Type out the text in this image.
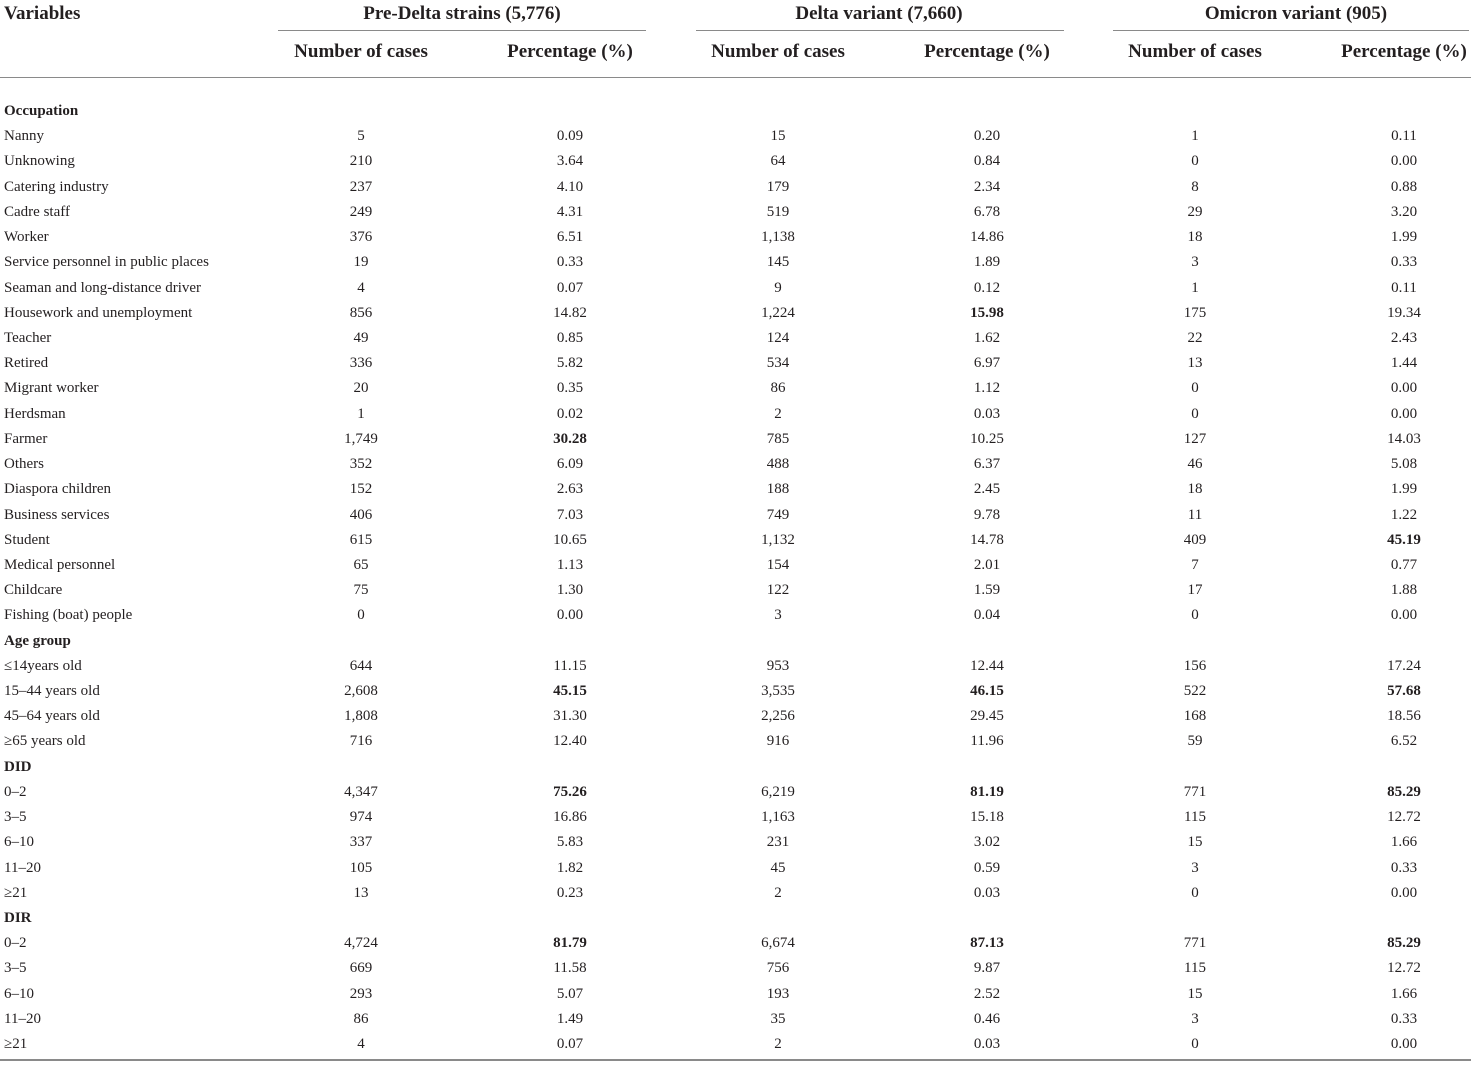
Variables	Pre-Delta strains (5,776)	Delta variant (7,660)	Omicron variant (905)
Number of cases	Percentage (%)	Number of cases	Percentage (%)	Number of cases	Percentage (%)
Occupation
Nanny	5	0.09	15	0.20	1	0.11
Unknowing	210	3.64	64	0.84	0	0.00
Catering industry	237	4.10	179	2.34	8	0.88
Cadre staff	249	4.31	519	6.78	29	3.20
Worker	376	6.51	1,138	14.86	18	1.99
Service personnel in public places	19	0.33	145	1.89	3	0.33
Seaman and long-distance driver	4	0.07	9	0.12	1	0.11
Housework and unemployment	856	14.82	1,224	15.98	175	19.34
Teacher	49	0.85	124	1.62	22	2.43
Retired	336	5.82	534	6.97	13	1.44
Migrant worker	20	0.35	86	1.12	0	0.00
Herdsman	1	0.02	2	0.03	0	0.00
Farmer	1,749	30.28	785	10.25	127	14.03
Others	352	6.09	488	6.37	46	5.08
Diaspora children	152	2.63	188	2.45	18	1.99
Business services	406	7.03	749	9.78	11	1.22
Student	615	10.65	1,132	14.78	409	45.19
Medical personnel	65	1.13	154	2.01	7	0.77
Childcare	75	1.30	122	1.59	17	1.88
Fishing (boat) people	0	0.00	3	0.04	0	0.00
Age group
≤14years old	644	11.15	953	12.44	156	17.24
15–44 years old	2,608	45.15	3,535	46.15	522	57.68
45–64 years old	1,808	31.30	2,256	29.45	168	18.56
≥65 years old	716	12.40	916	11.96	59	6.52
DID
0–2	4,347	75.26	6,219	81.19	771	85.29
3–5	974	16.86	1,163	15.18	115	12.72
6–10	337	5.83	231	3.02	15	1.66
11–20	105	1.82	45	0.59	3	0.33
≥21	13	0.23	2	0.03	0	0.00
DIR
0–2	4,724	81.79	6,674	87.13	771	85.29
3–5	669	11.58	756	9.87	115	12.72
6–10	293	5.07	193	2.52	15	1.66
11–20	86	1.49	35	0.46	3	0.33
≥21	4	0.07	2	0.03	0	0.00
